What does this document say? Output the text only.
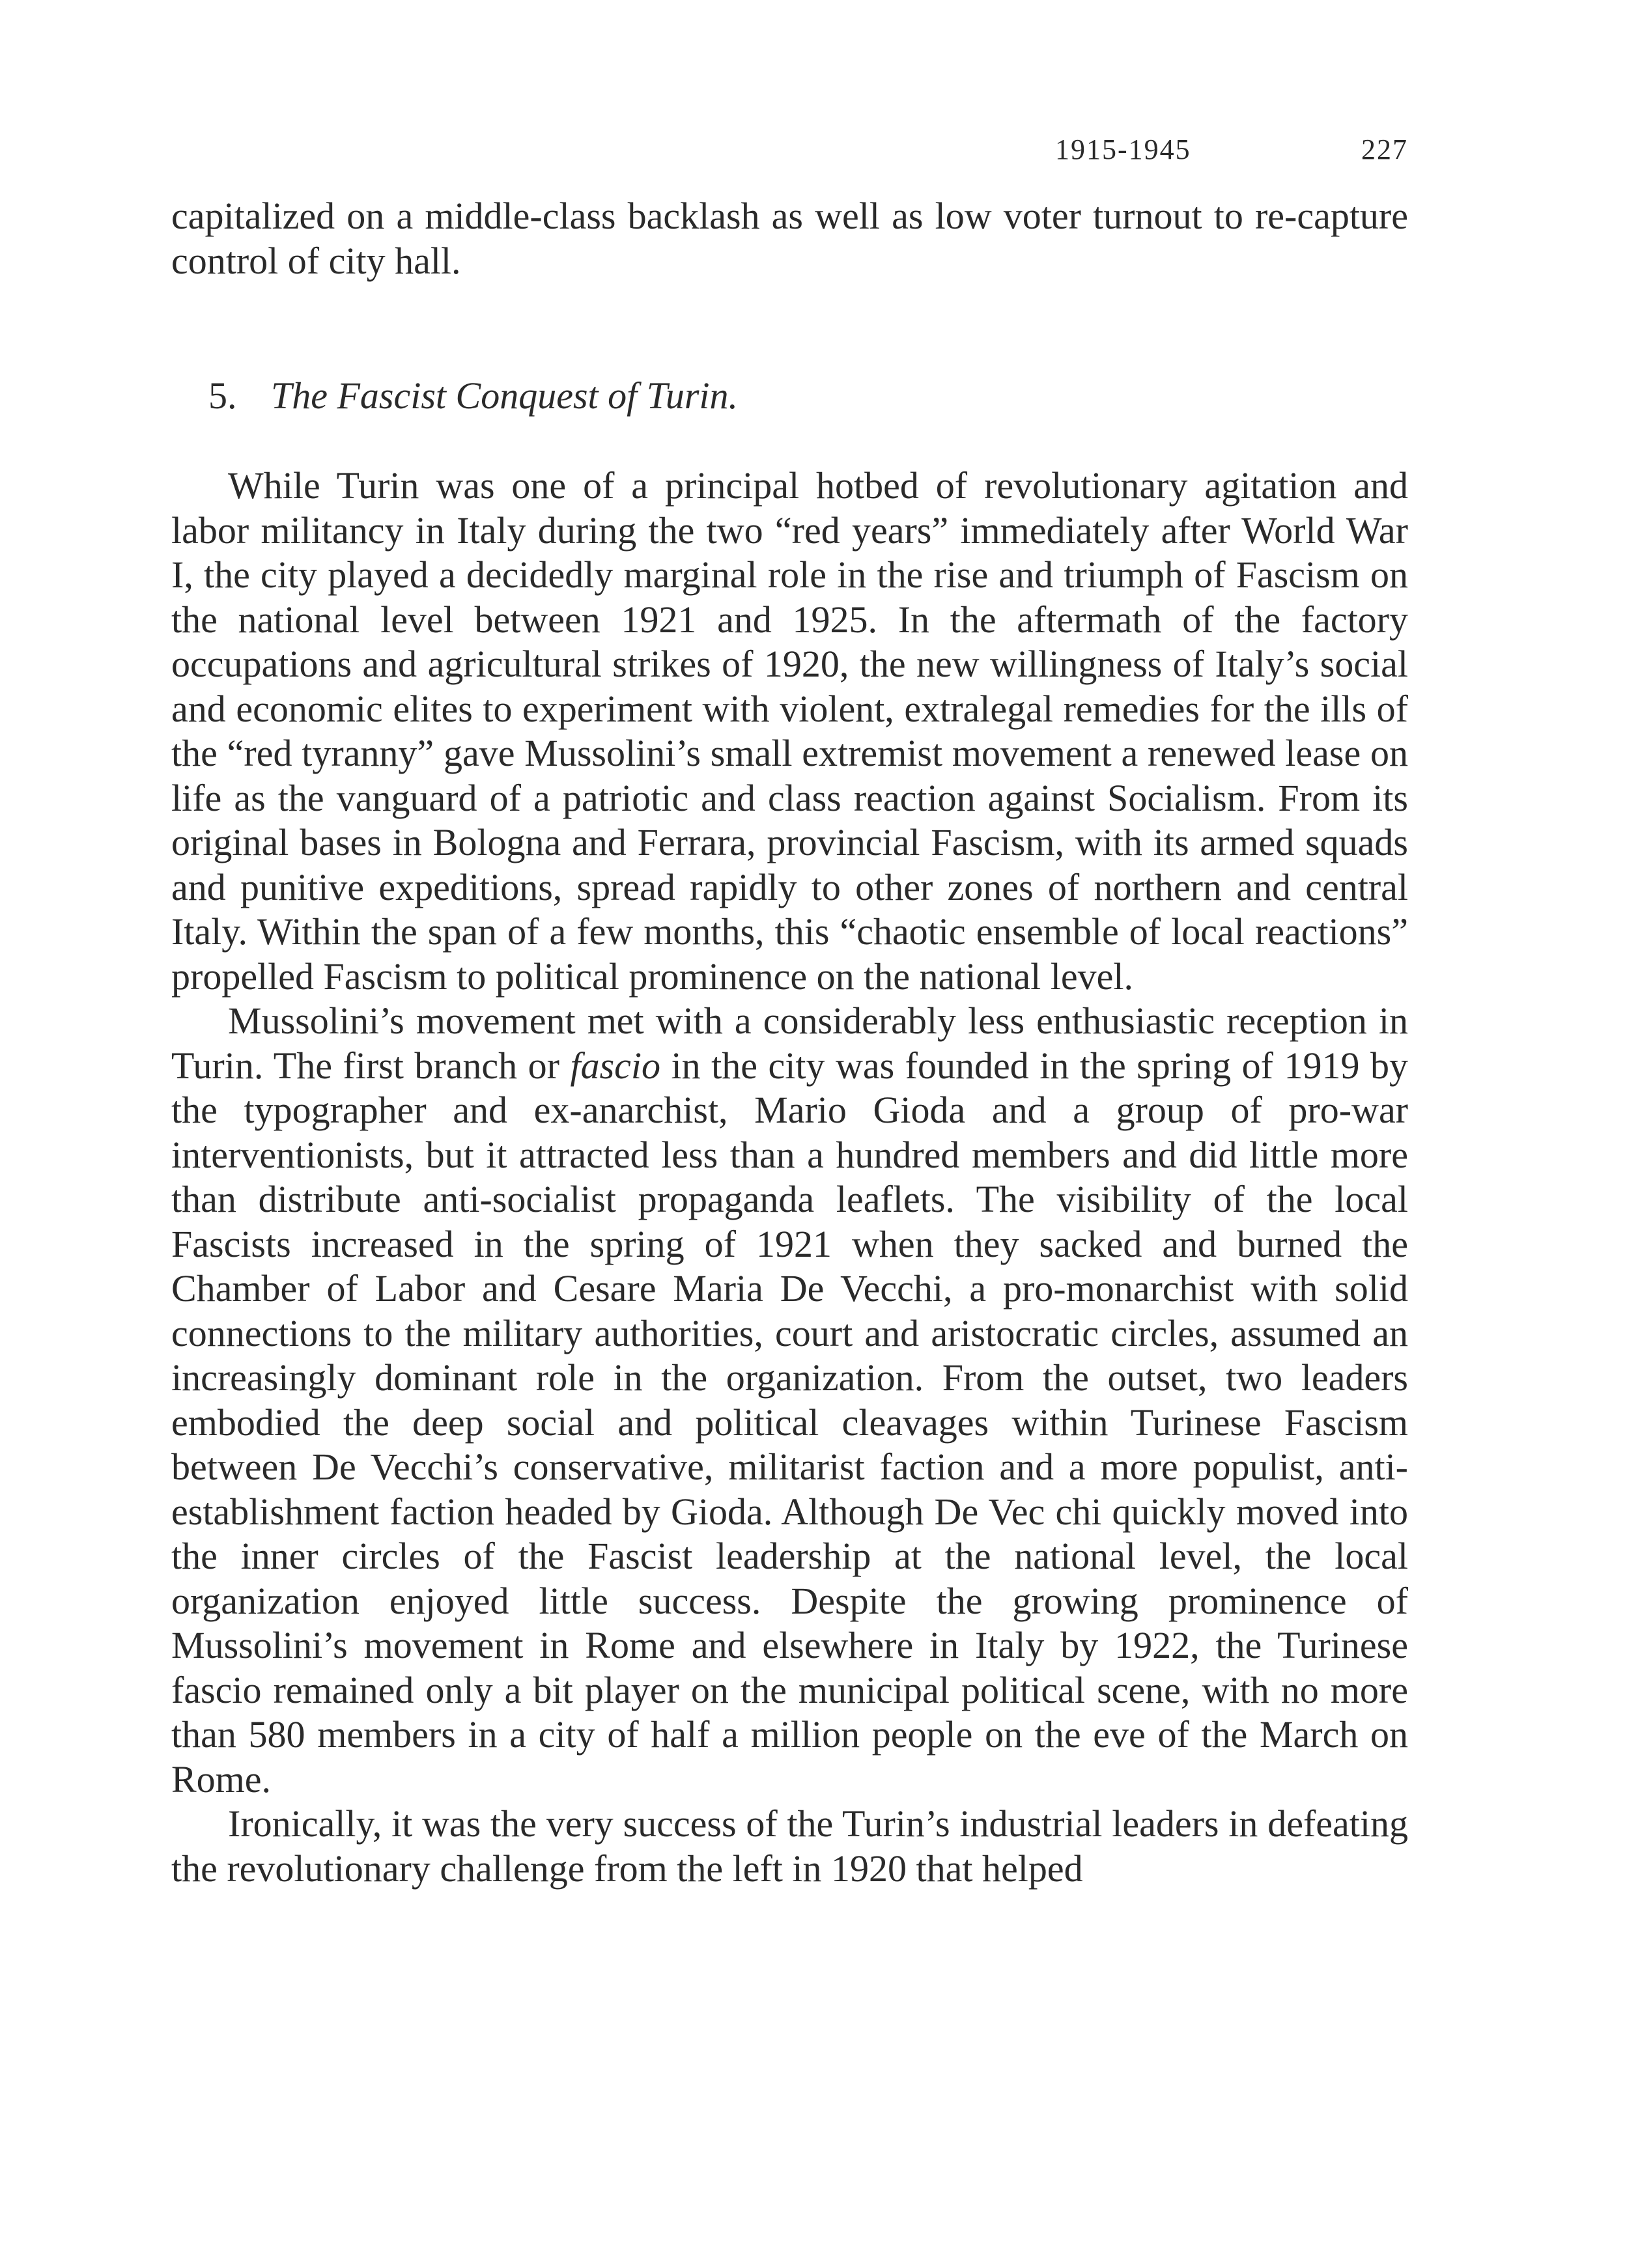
1915-1945	227

capitalized on a middle-class backlash as well as low voter turnout to re-capture control of city hall.

5. The Fascist Conquest of Turin.

While Turin was one of a principal hotbed of revolutionary agitation and labor militancy in Italy during the two “red years” immediately after World War I, the city played a decidedly marginal role in the rise and triumph of Fascism on the national level between 1921 and 1925. In the aftermath of the factory occupations and agricultural strikes of 1920, the new willingness of Italy’s social and economic elites to experiment with violent, extralegal remedies for the ills of the “red tyranny” gave Mussolini’s small extremist movement a renewed lease on life as the vanguard of a patriotic and class reaction against Socialism. From its original bases in Bologna and Ferrara, provincial Fascism, with its armed squads and punitive expeditions, spread rapidly to other zones of northern and central Italy. Within the span of a few months, this “chaotic ensemble of local reactions” propelled Fascism to political prominence on the national level.

Mussolini’s movement met with a considerably less enthusiastic reception in Turin. The first branch or fascio in the city was founded in the spring of 1919 by the typographer and ex-anarchist, Mario Gioda and a group of pro-war interventionists, but it attracted less than a hundred members and did little more than distribute anti-socialist propaganda leaflets. The visibility of the local Fascists increased in the spring of 1921 when they sacked and burned the Chamber of Labor and Cesare Maria De Vecchi, a pro-monarchist with solid connections to the military authorities, court and aristocratic circles, assumed an increasingly dominant role in the organization. From the outset, two leaders embodied the deep social and political cleavages within Turinese Fascism between De Vecchi’s conservative, militarist faction and a more populist, anti-establishment faction headed by Gioda. Although De Vec chi quickly moved into the inner circles of the Fascist leadership at the national level, the local organization enjoyed little success. Despite the growing prominence of Mussolini’s movement in Rome and elsewhere in Italy by 1922, the Turinese fascio remained only a bit player on the municipal political scene, with no more than 580 members in a city of half a million people on the eve of the March on Rome.

Ironically, it was the very success of the Turin’s industrial leaders in defeating the revolutionary challenge from the left in 1920 that helped
